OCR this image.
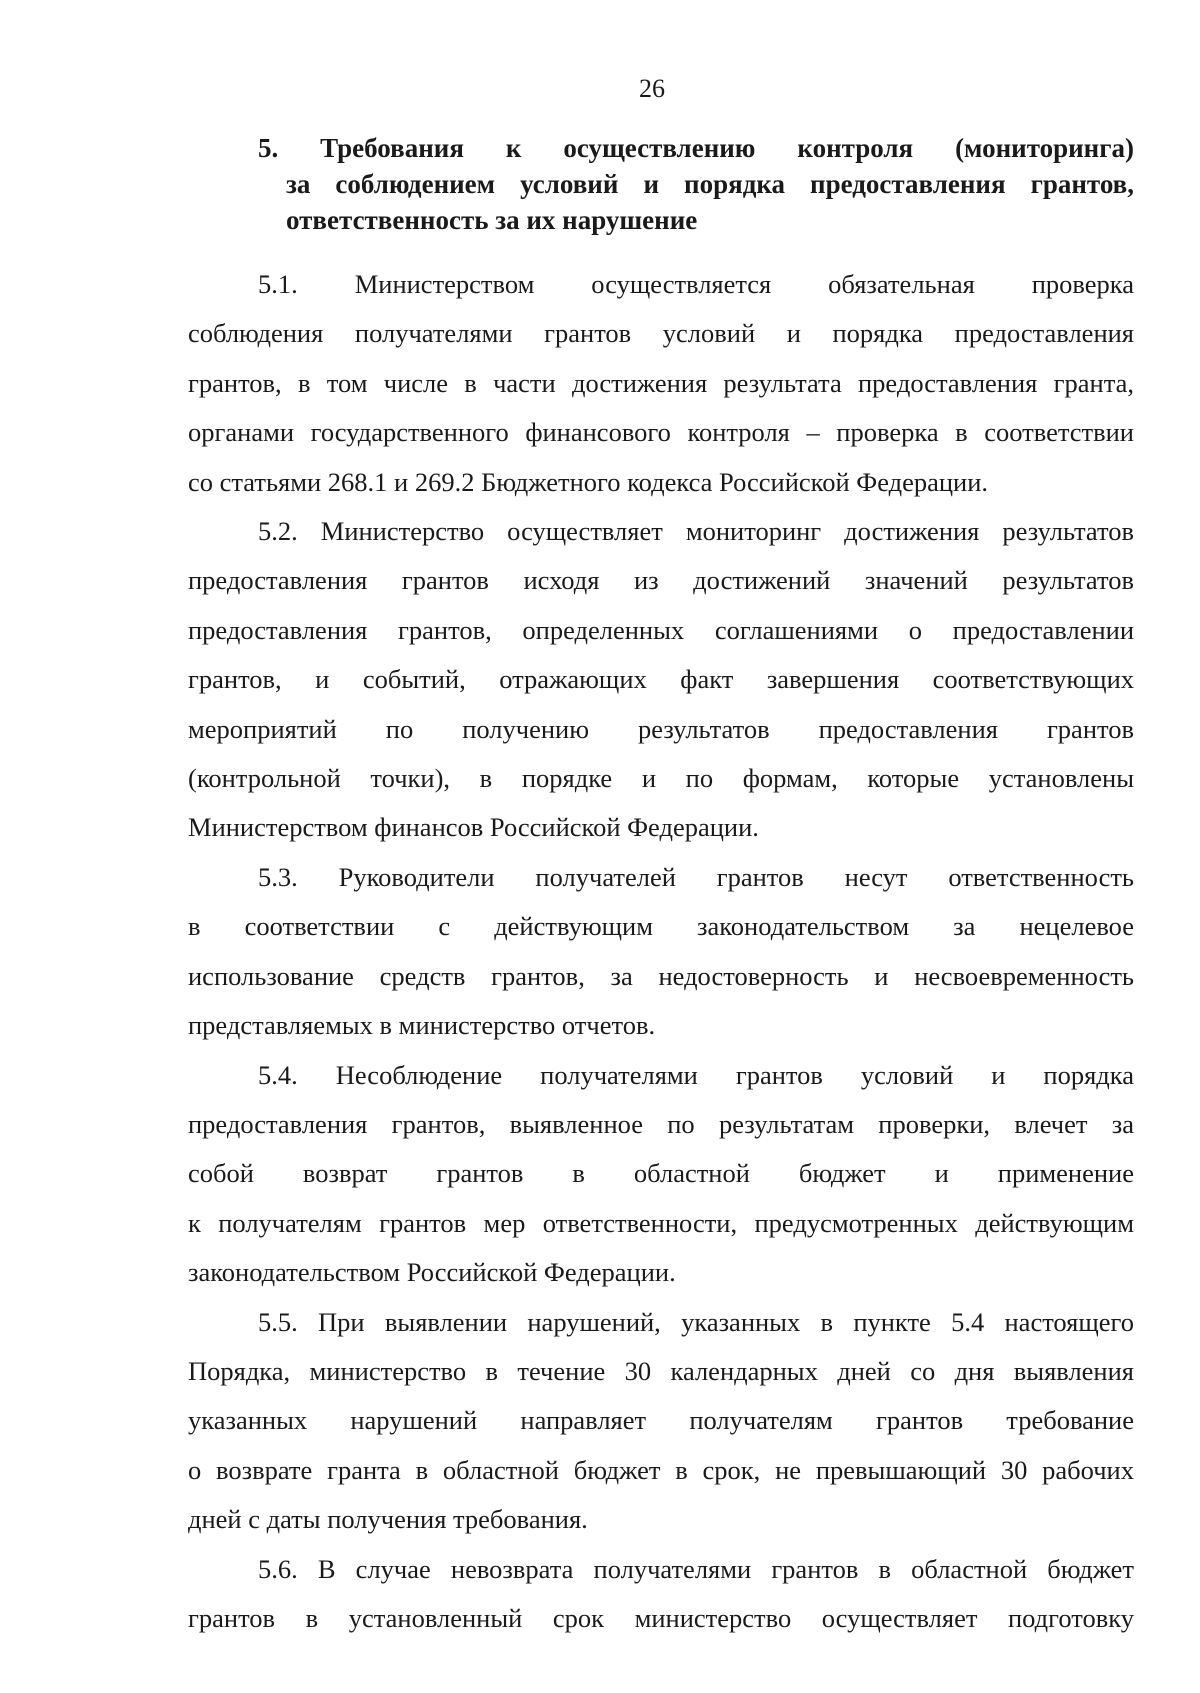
26
5. Требования к осуществлению контроля (мониторинга)
за соблюдением условий и порядка предоставления грантов,
ответственность за их нарушение
5.1. Министерством осуществляется обязательная проверка
соблюдения получателями грантов условий и порядка предоставления
грантов, в том числе в части достижения результата предоставления гранта,
органами государственного финансового контроля – проверка в соответствии
со статьями 268.1 и 269.2 Бюджетного кодекса Российской Федерации.
5.2. Министерство осуществляет мониторинг достижения результатов
предоставления грантов исходя из достижений значений результатов
предоставления грантов, определенных соглашениями о предоставлении
грантов, и событий, отражающих факт завершения соответствующих
мероприятий по получению результатов предоставления грантов
(контрольной точки), в порядке и по формам, которые установлены
Министерством финансов Российской Федерации.
5.3. Руководители получателей грантов несут ответственность
в соответствии с действующим законодательством за нецелевое
использование средств грантов, за недостоверность и несвоевременность
представляемых в министерство отчетов.
5.4. Несоблюдение получателями грантов условий и порядка
предоставления грантов, выявленное по результатам проверки, влечет за
собой возврат грантов в областной бюджет и применение
к получателям грантов мер ответственности, предусмотренных действующим
законодательством Российской Федерации.
5.5. При выявлении нарушений, указанных в пункте 5.4 настоящего
Порядка, министерство в течение 30 календарных дней со дня выявления
указанных нарушений направляет получателям грантов требование
о возврате гранта в областной бюджет в срок, не превышающий 30 рабочих
дней с даты получения требования.
5.6. В случае невозврата получателями грантов в областной бюджет
грантов в установленный срок министерство осуществляет подготовку
